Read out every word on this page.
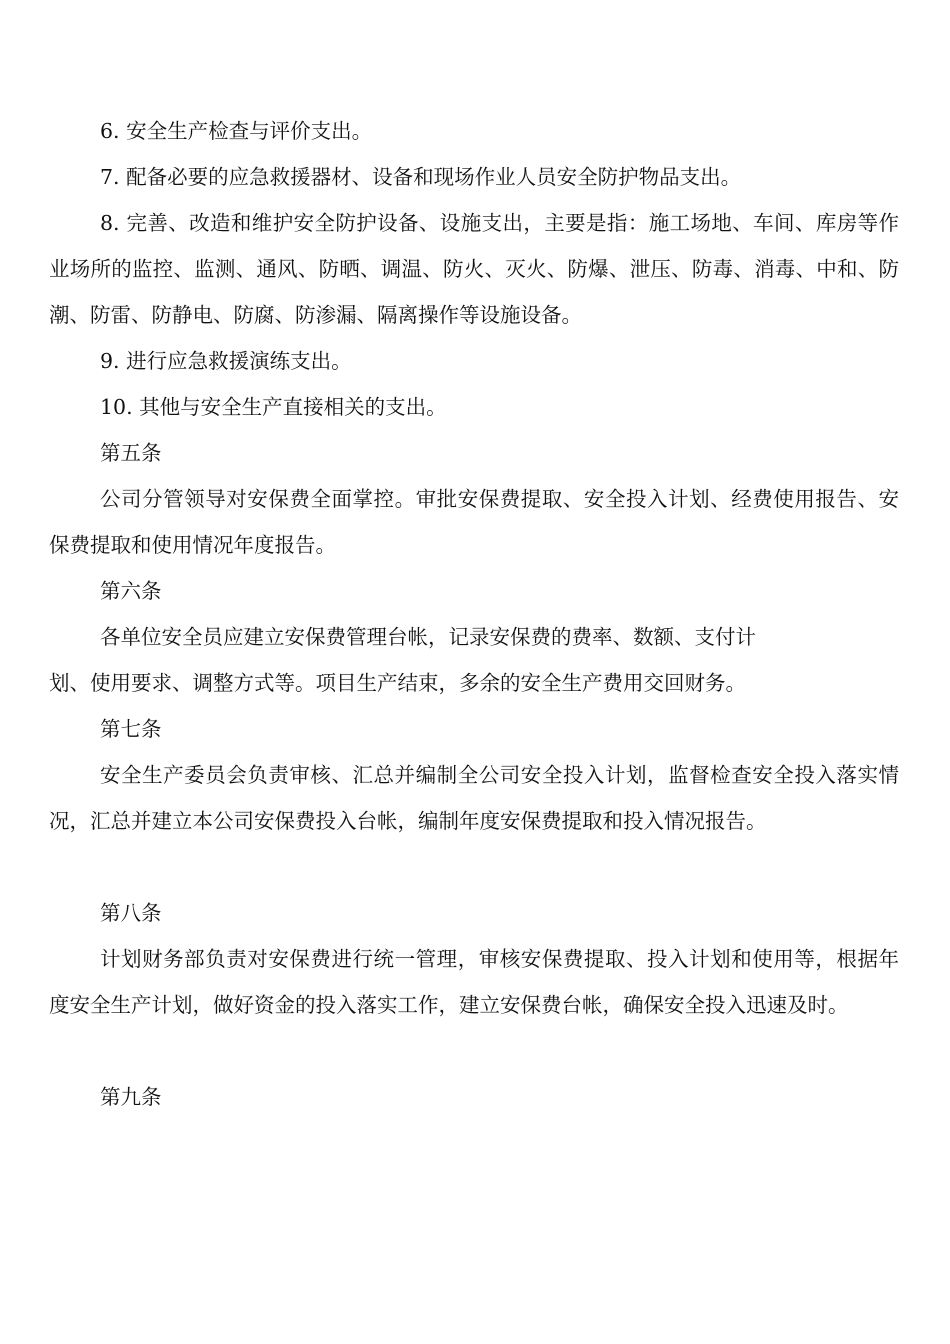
6. 安全生产检查与评价支出。

7. 配备必要的应急救援器材、设备和现场作业人员安全防护物品支出。

8. 完善、改造和维护安全防护设备、设施支出，主要是指：施工场地、车间、库房等作业场所的监控、监测、通风、防晒、调温、防火、灭火、防爆、泄压、防毒、消毒、中和、防潮、防雷、防静电、防腐、防渗漏、隔离操作等设施设备。

9. 进行应急救援演练支出。

10. 其他与安全生产直接相关的支出。

第五条

公司分管领导对安保费全面掌控。审批安保费提取、安全投入计划、经费使用报告、安保费提取和使用情况年度报告。

第六条

各单位安全员应建立安保费管理台帐，记录安保费的费率、数额、支付计

划、使用要求、调整方式等。项目生产结束，多余的安全生产费用交回财务。

第七条

安全生产委员会负责审核、汇总并编制全公司安全投入计划，监督检查安全投入落实情况，汇总并建立本公司安保费投入台帐，编制年度安保费提取和投入情况报告。

第八条

计划财务部负责对安保费进行统一管理，审核安保费提取、投入计划和使用等，根据年度安全生产计划，做好资金的投入落实工作，建立安保费台帐，确保安全投入迅速及时。

第九条
